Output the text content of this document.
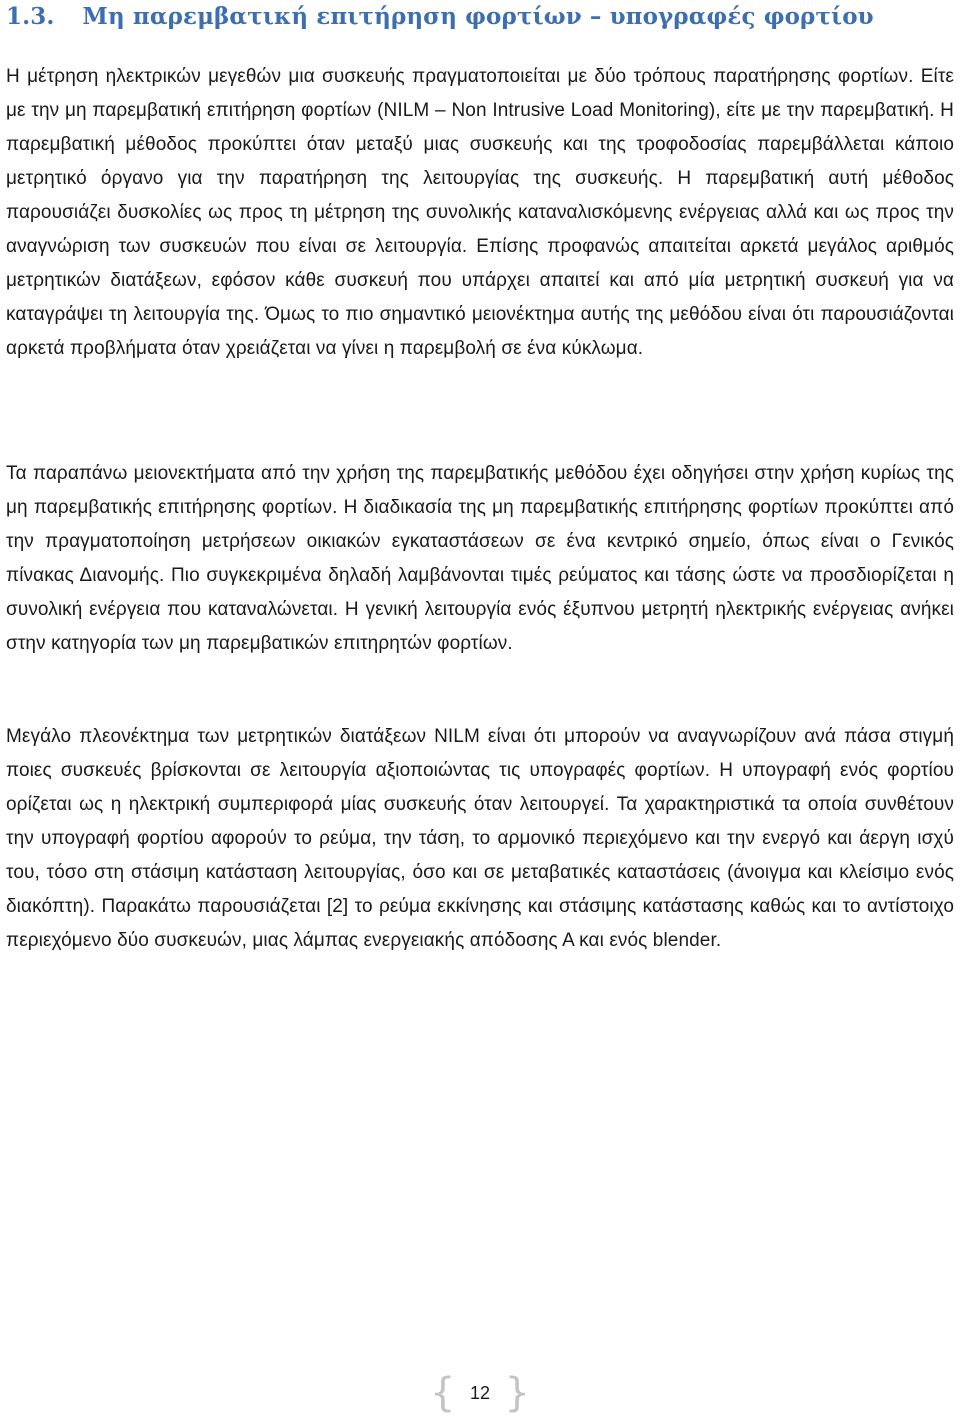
1.3. Μη παρεμβατική επιτήρηση φορτίων – υπογραφές φορτίου

Η μέτρηση ηλεκτρικών μεγεθών μια συσκευής πραγματοποιείται με δύο τρόπους παρατήρησης φορτίων. Είτε με την μη παρεμβατική επιτήρηση φορτίων (NILM – Non Intrusive Load Monitoring), είτε με την παρεμβατική. Η παρεμβατική μέθοδος προκύπτει όταν μεταξύ μιας συσκευής και της τροφοδοσίας παρεμβάλλεται κάποιο μετρητικό όργανο για την παρατήρηση της λειτουργίας της συσκευής. Η παρεμβατική αυτή μέθοδος παρουσιάζει δυσκολίες ως προς τη μέτρηση της συνολικής καταναλισκόμενης ενέργειας αλλά και ως προς την αναγνώριση των συσκευών που είναι σε λειτουργία. Επίσης προφανώς απαιτείται αρκετά μεγάλος αριθμός μετρητικών διατάξεων, εφόσον κάθε συσκευή που υπάρχει απαιτεί και από μία μετρητική συσκευή για να καταγράψει τη λειτουργία της. Όμως το πιο σημαντικό μειονέκτημα αυτής της μεθόδου είναι ότι παρουσιάζονται αρκετά προβλήματα όταν χρειάζεται να γίνει η παρεμβολή σε ένα κύκλωμα.

Τα παραπάνω μειονεκτήματα από την χρήση της παρεμβατικής μεθόδου έχει οδηγήσει στην χρήση κυρίως της μη παρεμβατικής επιτήρησης φορτίων. Η διαδικασία της μη παρεμβατικής επιτήρησης φορτίων προκύπτει από την πραγματοποίηση μετρήσεων οικιακών εγκαταστάσεων σε ένα κεντρικό σημείο, όπως είναι ο Γενικός πίνακας Διανομής. Πιο συγκεκριμένα δηλαδή λαμβάνονται τιμές ρεύματος και τάσης ώστε να προσδιορίζεται η συνολική ενέργεια που καταναλώνεται. Η γενική λειτουργία ενός έξυπνου μετρητή ηλεκτρικής ενέργειας ανήκει στην κατηγορία των μη παρεμβατικών επιτηρητών φορτίων.

Μεγάλο πλεονέκτημα των μετρητικών διατάξεων NILM είναι ότι μπορούν να αναγνωρίζουν ανά πάσα στιγμή ποιες συσκευές βρίσκονται σε λειτουργία αξιοποιώντας τις υπογραφές φορτίων. Η υπογραφή ενός φορτίου ορίζεται ως η ηλεκτρική συμπεριφορά μίας συσκευής όταν λειτουργεί. Τα χαρακτηριστικά τα οποία συνθέτουν την υπογραφή φορτίου αφορούν το ρεύμα, την τάση, το αρμονικό περιεχόμενο και την ενεργό και άεργη ισχύ του, τόσο στη στάσιμη κατάσταση λειτουργίας, όσο και σε μεταβατικές καταστάσεις (άνοιγμα και κλείσιμο ενός διακόπτη). Παρακάτω παρουσιάζεται [2] το ρεύμα εκκίνησης και στάσιμης κατάστασης καθώς και το αντίστοιχο περιεχόμενο δύο συσκευών, μιας λάμπας ενεργειακής απόδοσης Α και ενός blender.

{ 12 }
